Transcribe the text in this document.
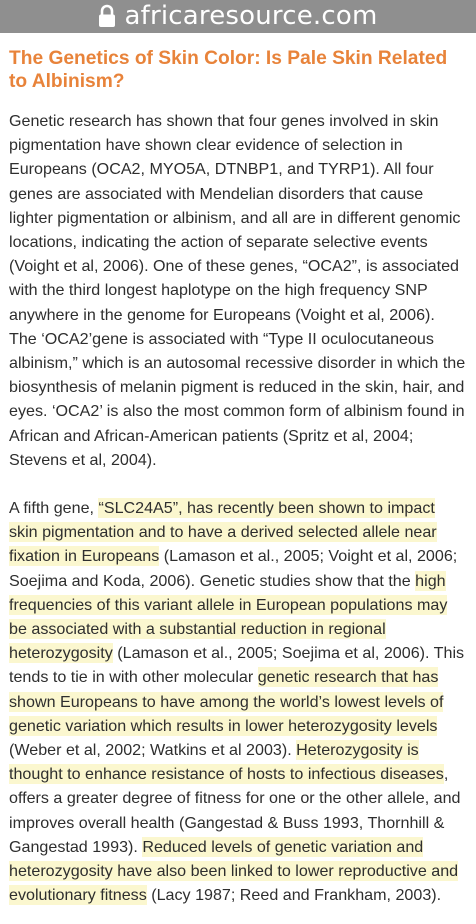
africaresource.com
The Genetics of Skin Color: Is Pale Skin Related to Albinism?

Genetic research has shown that four genes involved in skin pigmentation have shown clear evidence of selection in Europeans (OCA2, MYO5A, DTNBP1, and TYRP1). All four genes are associated with Mendelian disorders that cause lighter pigmentation or albinism, and all are in different genomic locations, indicating the action of separate selective events (Voight et al, 2006). One of these genes, “OCA2”, is associated with the third longest haplotype on the high frequency SNP anywhere in the genome for Europeans (Voight et al, 2006). The ‘OCA2’gene is associated with “Type II oculocutaneous albinism,” which is an autosomal recessive disorder in which the biosynthesis of melanin pigment is reduced in the skin, hair, and eyes. ‘OCA2’ is also the most common form of albinism found in African and African-American patients (Spritz et al, 2004; Stevens et al, 2004).

A fifth gene, “SLC24A5”, has recently been shown to impact skin pigmentation and to have a derived selected allele near fixation in Europeans (Lamason et al., 2005; Voight et al, 2006; Soejima and Koda, 2006). Genetic studies show that the high frequencies of this variant allele in European populations may be associated with a substantial reduction in regional heterozygosity (Lamason et al., 2005; Soejima et al, 2006). This tends to tie in with other molecular genetic research that has shown Europeans to have among the world’s lowest levels of genetic variation which results in lower heterozygosity levels (Weber et al, 2002; Watkins et al 2003). Heterozygosity is thought to enhance resistance of hosts to infectious diseases, offers a greater degree of fitness for one or the other allele, and improves overall health (Gangestad & Buss 1993, Thornhill & Gangestad 1993). Reduced levels of genetic variation and heterozygosity have also been linked to lower reproductive and evolutionary fitness (Lacy 1987; Reed and Frankham, 2003).
